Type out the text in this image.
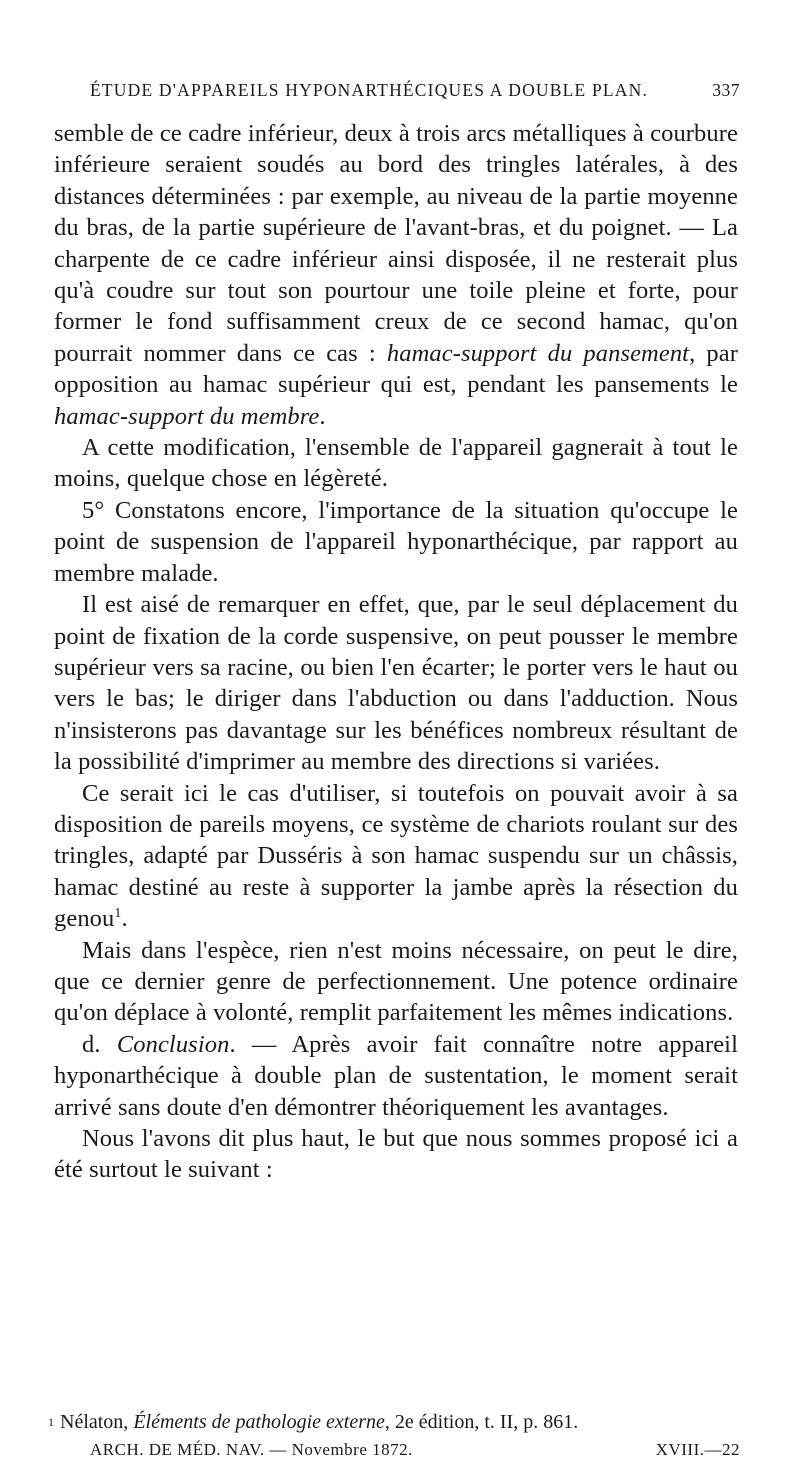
ÉTUDE D'APPAREILS HYPONARTHÉCIQUES A DOUBLE PLAN.	337

semble de ce cadre inférieur, deux à trois arcs métalliques à courbure inférieure seraient soudés au bord des tringles latérales, à des distances déterminées : par exemple, au niveau de la partie moyenne du bras, de la partie supérieure de l'avant-bras, et du poignet. — La charpente de ce cadre inférieur ainsi disposée, il ne resterait plus qu'à coudre sur tout son pourtour une toile pleine et forte, pour former le fond suffisamment creux de ce second hamac, qu'on pourrait nommer dans ce cas : hamac-support du pansement, par opposition au hamac supérieur qui est, pendant les pansements le hamac-support du membre.

A cette modification, l'ensemble de l'appareil gagnerait à tout le moins, quelque chose en légèreté.

5° Constatons encore, l'importance de la situation qu'occupe le point de suspension de l'appareil hyponarthécique, par rapport au membre malade.

Il est aisé de remarquer en effet, que, par le seul déplacement du point de fixation de la corde suspensive, on peut pousser le membre supérieur vers sa racine, ou bien l'en écarter; le porter vers le haut ou vers le bas; le diriger dans l'abduction ou dans l'adduction. Nous n'insisterons pas davantage sur les bénéfices nombreux résultant de la possibilité d'imprimer au membre des directions si variées.

Ce serait ici le cas d'utiliser, si toutefois on pouvait avoir à sa disposition de pareils moyens, ce système de chariots roulant sur des tringles, adapté par Dusséris à son hamac suspendu sur un châssis, hamac destiné au reste à supporter la jambe après la résection du genou$^1$.

Mais dans l'espèce, rien n'est moins nécessaire, on peut le dire, que ce dernier genre de perfectionnement. Une potence ordinaire qu'on déplace à volonté, remplit parfaitement les mêmes indications.

d. Conclusion. — Après avoir fait connaître notre appareil hyponarthécique à double plan de sustentation, le moment serait arrivé sans doute d'en démontrer théoriquement les avantages.

Nous l'avons dit plus haut, le but que nous sommes proposé ici a été surtout le suivant :

$^1$ Nélaton, Éléments de pathologie externe, 2e édition, t. II, p. 861.
ARCH. DE MÉD. NAV. — Novembre 1872.	XVIII.—22
